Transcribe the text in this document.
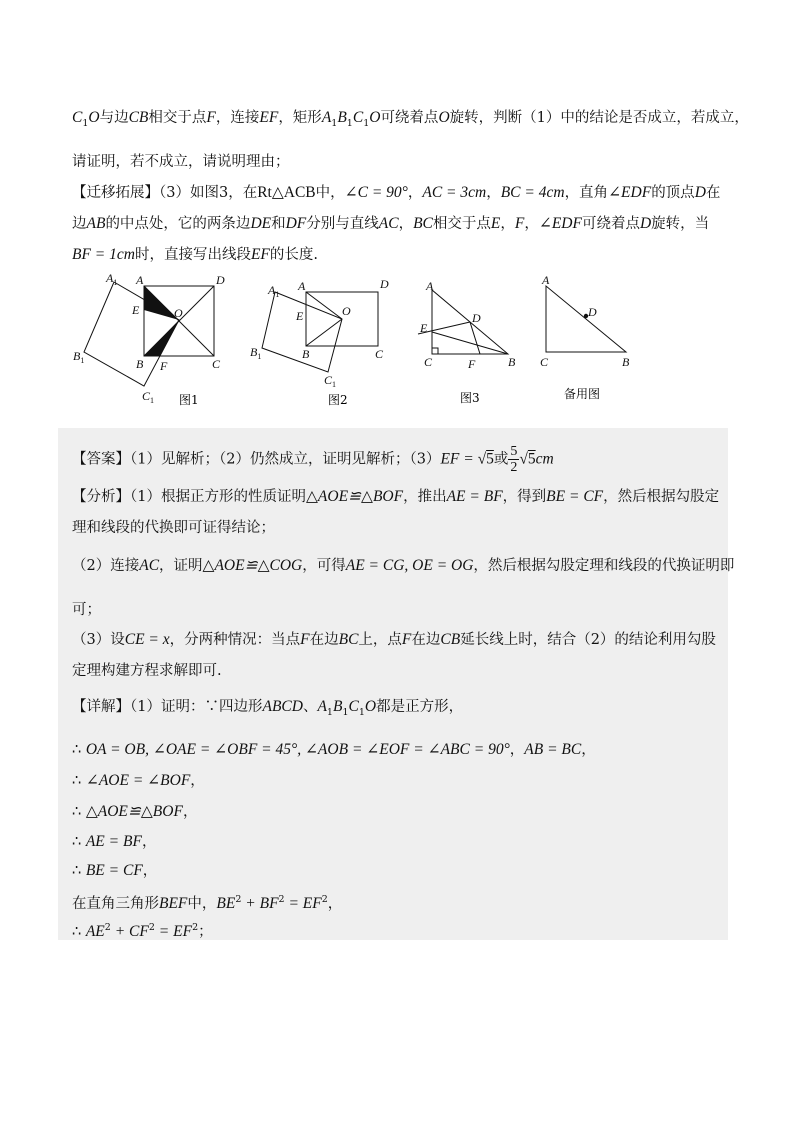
$C_1O$与边CB相交于点F，连接EF，矩形$A_1B_1C_1O$可绕着点O旋转，判断（1）中的结论是否成立，若成立，
请证明，若不成立，请说明理由；
【迁移拓展】（3）如图3，在Rt△ACB中，∠C = 90°，AC = 3cm，BC = 4cm，直角∠EDF的顶点D在
边AB的中点处，它的两条边DE和DF分别与直线AC，BC相交于点E，F，∠EDF可绕着点D旋转，当
BF = 1cm时，直接写出线段EF的长度.
A	D
E	O
B	C
F
$A_1$
$B_1$
$C_1$ 图1
A	D
E	O
B	C
$A_1$
$B_1$
$C_1$
图2
A
D
E
C	F	B
图3
A
D
C	B
备用图
【答案】（1）见解析；（2）仍然成立，证明见解析；（3）EF = √5或 $\frac{5}{2} √5cm$
【分析】（1）根据正方形的性质证明△AOE≌△BOF，推出AE = BF，得到BE = CF，然后根据勾股定
理和线段的代换即可证得结论；
（2）连接AC，证明△AOE≌△COG，可得AE = CG, OE = OG，然后根据勾股定理和线段的代换证明即
可；
（3）设CE = x，分两种情况：当点F在边BC上，点F在边CB延长线上时，结合（2）的结论利用勾股
定理构建方程求解即可.
【详解】（1）证明：∵四边形ABCD、$A_1B_1C_1O$都是正方形，
∴ OA = OB, ∠OAE = ∠OBF = 45°, ∠AOB = ∠EOF = ∠ABC = 90°，AB = BC，
∴ ∠AOE = ∠BOF，
∴ △AOE≌△BOF，
∴ AE = BF，
∴ BE = CF，
在直角三角形BEF中，$BE^2 + BF^2 = EF^2$，
∴ $AE^2 + CF^2 = EF^2$；
